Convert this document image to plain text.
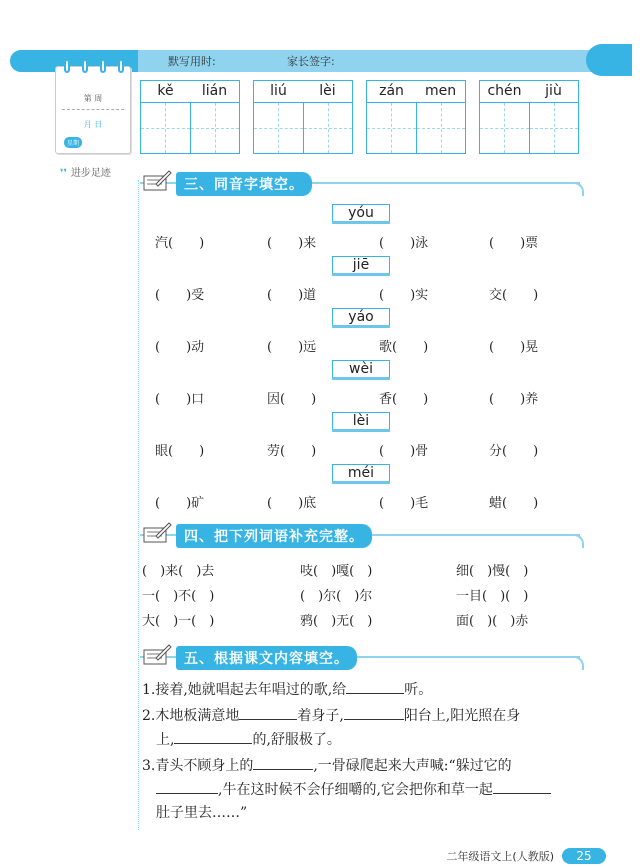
默写用时:	家长签字:
第 周
月 日
星期
❜❜ 进步足迹
kě	lián	liú	lèi	zán	men	chén	jiù
三、同音字填空。
yóu
汽(　　)	(　　)来	(　　)泳	(　　)票
jiē
(　　)受	(　　)道	(　　)实	交(　　)
yáo
(　　)动	(　　)远	歌(　　)	(　　)晃
wèi
(　　)口	因(　　)	香(　　)	(　　)养
lèi
眼(　　)	劳(　　)	(　　)骨	分(　　)
méi
(　　)矿	(　　)底	(　　)毛	蜡(　　)
四、把下列词语补充完整。
(　)来(　)去	吱(　)嘎(　)	细(　)慢(　)
一(　)不(　)	(　)尔(　)尔	一目(　)(　)
大(　)一(　)	鸦(　)无(　)	面(　)(　)赤
五、根据课文内容填空。
1.接着,她就唱起去年唱过的歌,给	听。
2.木地板满意地	着身子,	阳台上,阳光照在身
上,	的,舒服极了。
3.青头不顾身上的	,一骨碌爬起来大声喊:“躲过它的
,牛在这时候不会仔细嚼的,它会把你和草一起
肚子里去……”
二年级语文上(人教版)	25
